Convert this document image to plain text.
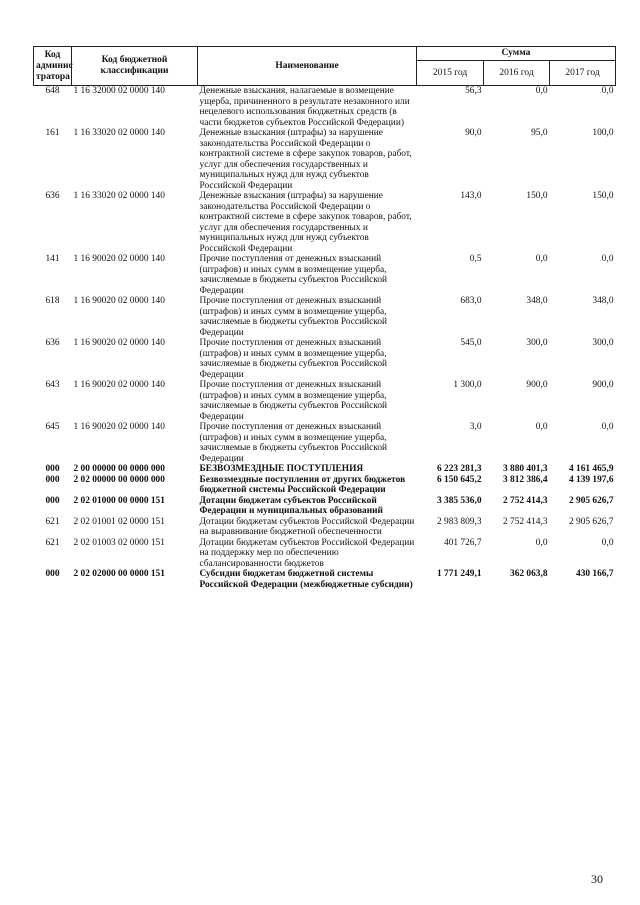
Код админис тратора	Код бюджетной классификации	Наименование	Сумма		
			2015 год	2016 год	2017 год
648	1 16 32000 02 0000 140	Денежные взыскания, налагаемые в возмещение ущерба, причиненного в результате незаконного или нецелевого использования бюджетных средств (в части бюджетов субъектов Российской Федерации)	56,3	0,0	0,0
161	1 16 33020 02 0000 140	Денежные взыскания (штрафы) за нарушение законодательства Российской Федерации о контрактной системе в сфере закупок товаров, работ, услуг для обеспечения государственных и муниципальных нужд для нужд субъектов Российской Федерации	90,0	95,0	100,0
636	1 16 33020 02 0000 140	Денежные взыскания (штрафы) за нарушение законодательства Российской Федерации о контрактной системе в сфере закупок товаров, работ, услуг для обеспечения государственных и муниципальных нужд для нужд субъектов Российской Федерации	143,0	150,0	150,0
141	1 16 90020 02 0000 140	Прочие поступления от денежных взысканий (штрафов) и иных сумм в возмещение ущерба, зачисляемые в бюджеты субъектов Российской Федерации	0,5	0,0	0,0
618	1 16 90020 02 0000 140	Прочие поступления от денежных взысканий (штрафов) и иных сумм в возмещение ущерба, зачисляемые в бюджеты субъектов Российской Федерации	683,0	348,0	348,0
636	1 16 90020 02 0000 140	Прочие поступления от денежных взысканий (штрафов) и иных сумм в возмещение ущерба, зачисляемые в бюджеты субъектов Российской Федерации	545,0	300,0	300,0
643	1 16 90020 02 0000 140	Прочие поступления от денежных взысканий (штрафов) и иных сумм в возмещение ущерба, зачисляемые в бюджеты субъектов Российской Федерации	1 300,0	900,0	900,0
645	1 16 90020 02 0000 140	Прочие поступления от денежных взысканий (штрафов) и иных сумм в возмещение ущерба, зачисляемые в бюджеты субъектов Российской Федерации	3,0	0,0	0,0
000	2 00 00000 00 0000 000	БЕЗВОЗМЕЗДНЫЕ ПОСТУПЛЕНИЯ	6 223 281,3	3 880 401,3	4 161 465,9
000	2 02 00000 00 0000 000	Безвозмездные поступления от других бюджетов бюджетной системы Российской Федерации	6 150 645,2	3 812 386,4	4 139 197,6
000	2 02 01000 00 0000 151	Дотации бюджетам субъектов Российской Федерации и муниципальных образований	3 385 536,0	2 752 414,3	2 905 626,7
621	2 02 01001 02 0000 151	Дотации бюджетам субъектов Российской Федерации на выравнивание бюджетной обеспеченности	2 983 809,3	2 752 414,3	2 905 626,7
621	2 02 01003 02 0000 151	Дотации бюджетам субъектов Российской Федерации на поддержку мер по обеспечению сбалансированности бюджетов	401 726,7	0,0	0,0
000	2 02 02000 00 0000 151	Субсидии бюджетам бюджетной системы Российской Федерации (межбюджетные субсидии)	1 771 249,1	362 063,8	430 166,7
30
